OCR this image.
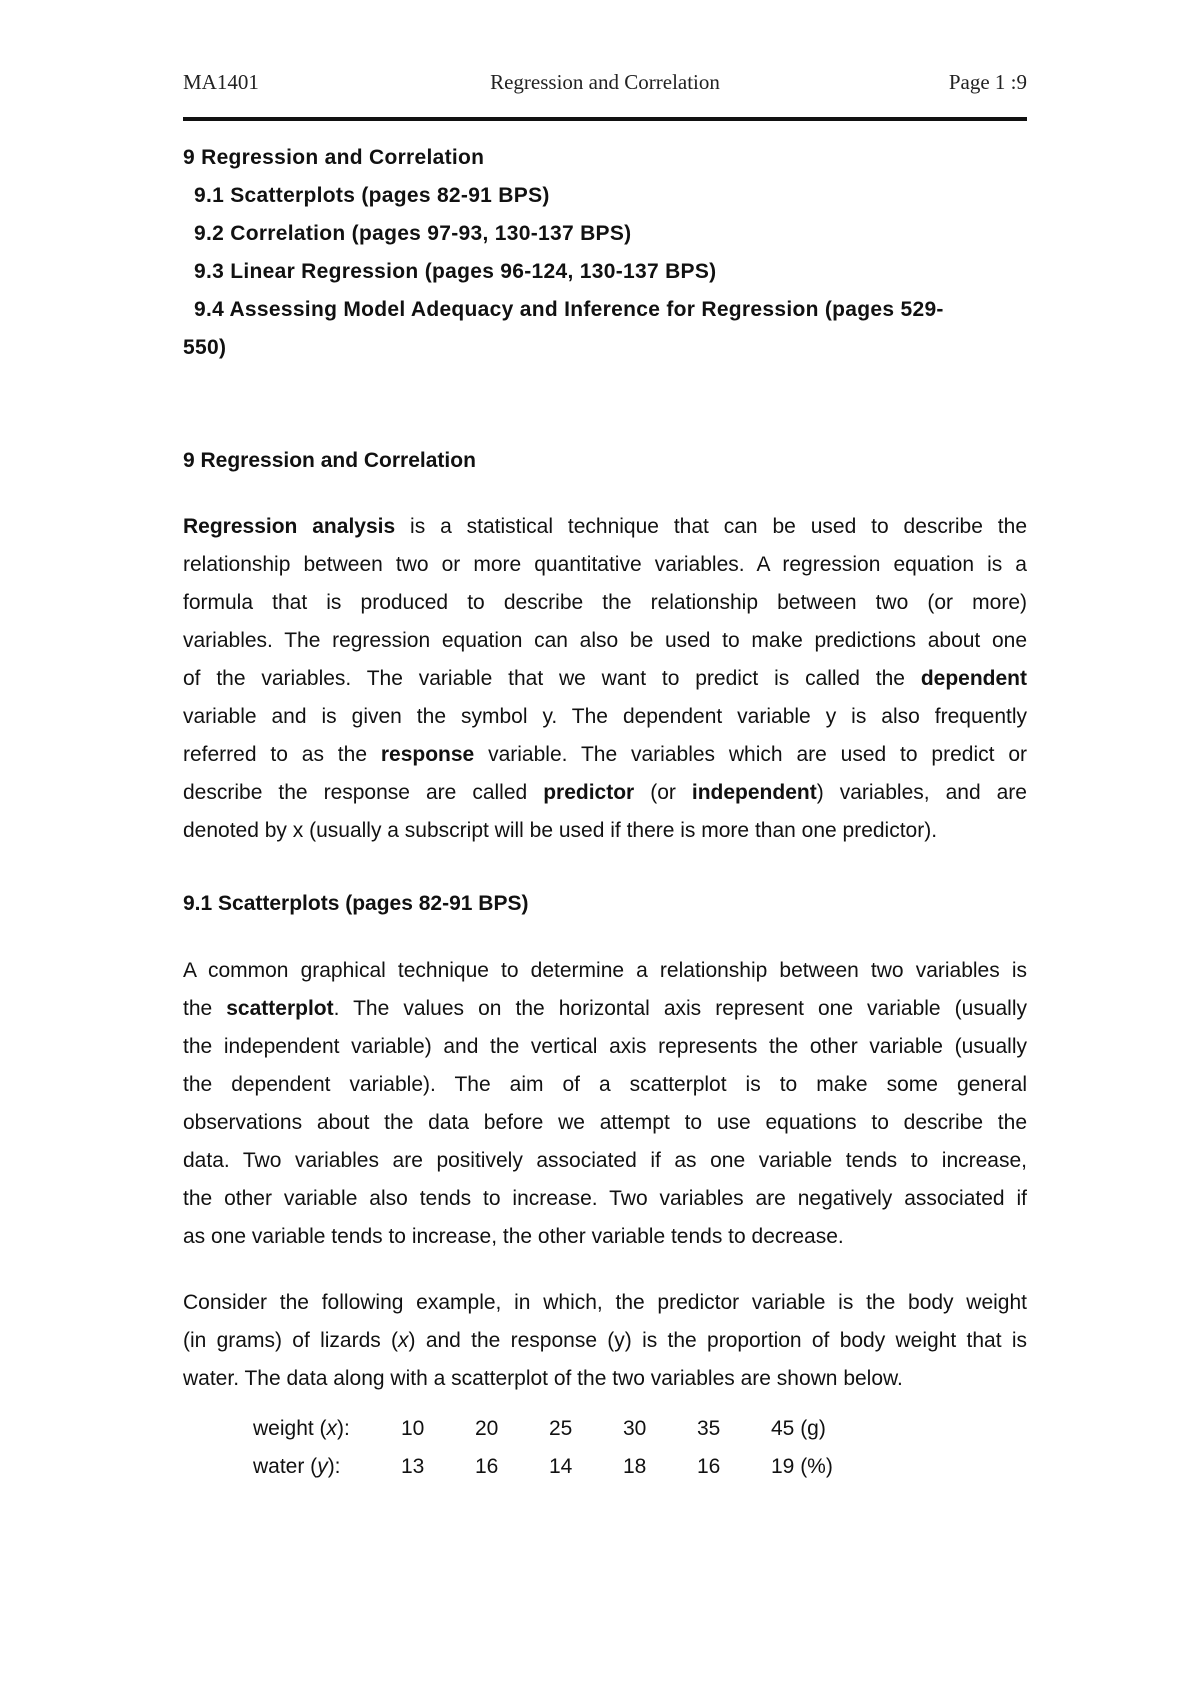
MA1401	Regression and Correlation	Page 1 :9
9 Regression and Correlation
9.1 Scatterplots (pages 82-91 BPS)
9.2 Correlation (pages 97-93, 130-137 BPS)
9.3 Linear Regression (pages 96-124, 130-137 BPS)
9.4 Assessing Model Adequacy and Inference for Regression (pages 529-
550)
9 Regression and Correlation
Regression analysis is a statistical technique that can be used to describe the
relationship between two or more quantitative variables. A regression equation is a
formula that is produced to describe the relationship between two (or more)
variables. The regression equation can also be used to make predictions about one
of the variables. The variable that we want to predict is called the dependent
variable and is given the symbol y. The dependent variable y is also frequently
referred to as the response variable. The variables which are used to predict or
describe the response are called predictor (or independent) variables, and are
denoted by x (usually a subscript will be used if there is more than one predictor).
9.1 Scatterplots (pages 82-91 BPS)
A common graphical technique to determine a relationship between two variables is
the scatterplot. The values on the horizontal axis represent one variable (usually
the independent variable) and the vertical axis represents the other variable (usually
the dependent variable). The aim of a scatterplot is to make some general
observations about the data before we attempt to use equations to describe the
data. Two variables are positively associated if as one variable tends to increase,
the other variable also tends to increase. Two variables are negatively associated if
as one variable tends to increase, the other variable tends to decrease.
Consider the following example, in which, the predictor variable is the body weight
(in grams) of lizards (x) and the response (y) is the proportion of body weight that is
water. The data along with a scatterplot of the two variables are shown below.
weight (x): 10 20 25 30 35 45 (g)
water (y):	13 16 14 18 16 19 (%)
